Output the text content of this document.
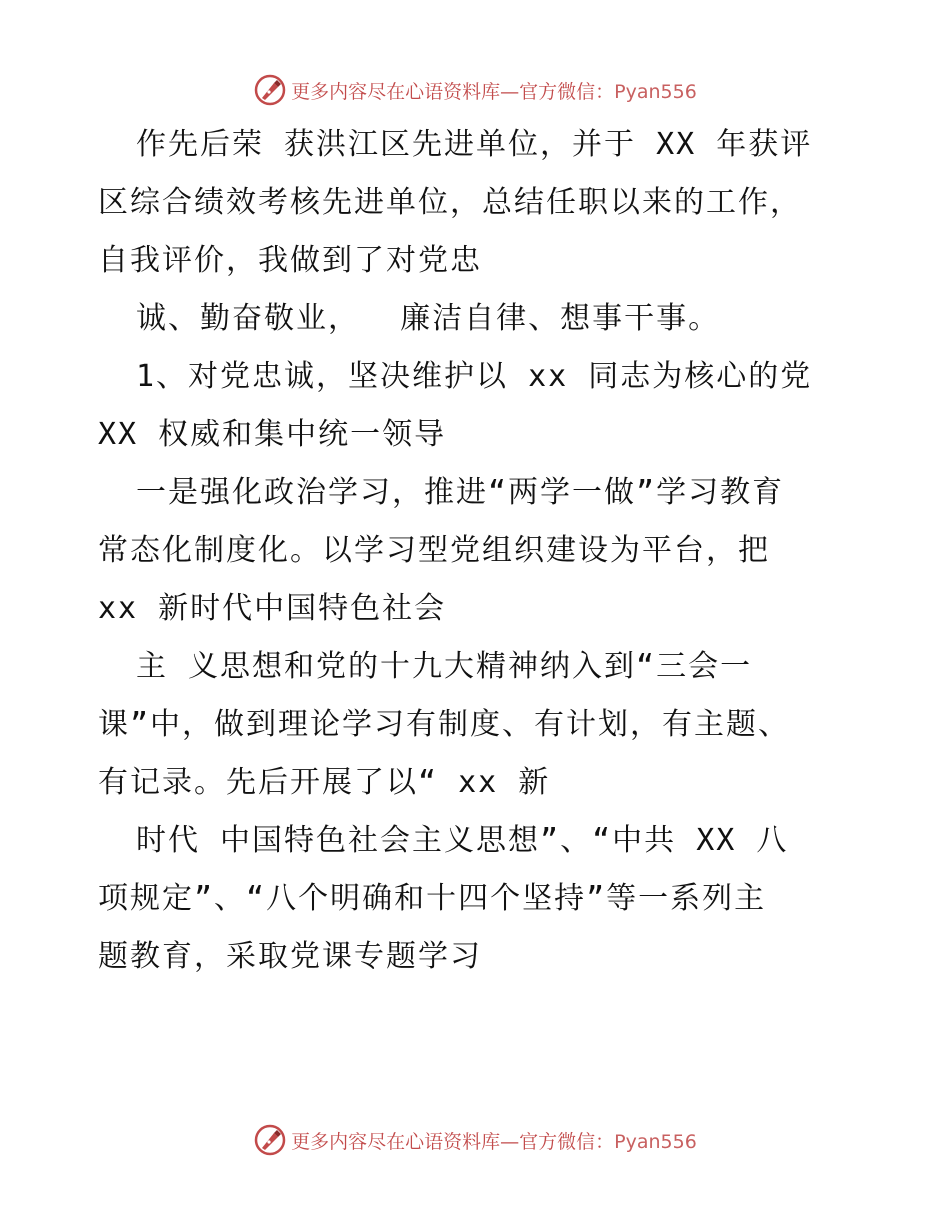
更多内容尽在心语资料库—官方微信：Pyan556
作先后荣 获洪江区先进单位，并于 XX 年获评
区综合绩效考核先进单位，总结任职以来的工作，
自我评价，我做到了对党忠
诚、勤奋敬业，  廉洁自律、想事干事。
1、对党忠诚，坚决维护以 xx 同志为核心的党
XX 权威和集中统一领导
一是强化政治学习，推进“两学一做”学习教育
常态化制度化。以学习型党组织建设为平台，把
xx 新时代中国特色社会
主 义思想和党的十九大精神纳入到“三会一
课”中，做到理论学习有制度、有计划，有主题、
有记录。先后开展了以“ xx 新
时代 中国特色社会主义思想”、“中共 XX 八
项规定”、“八个明确和十四个坚持”等一系列主
题教育，采取党课专题学习
更多内容尽在心语资料库—官方微信：Pyan556
